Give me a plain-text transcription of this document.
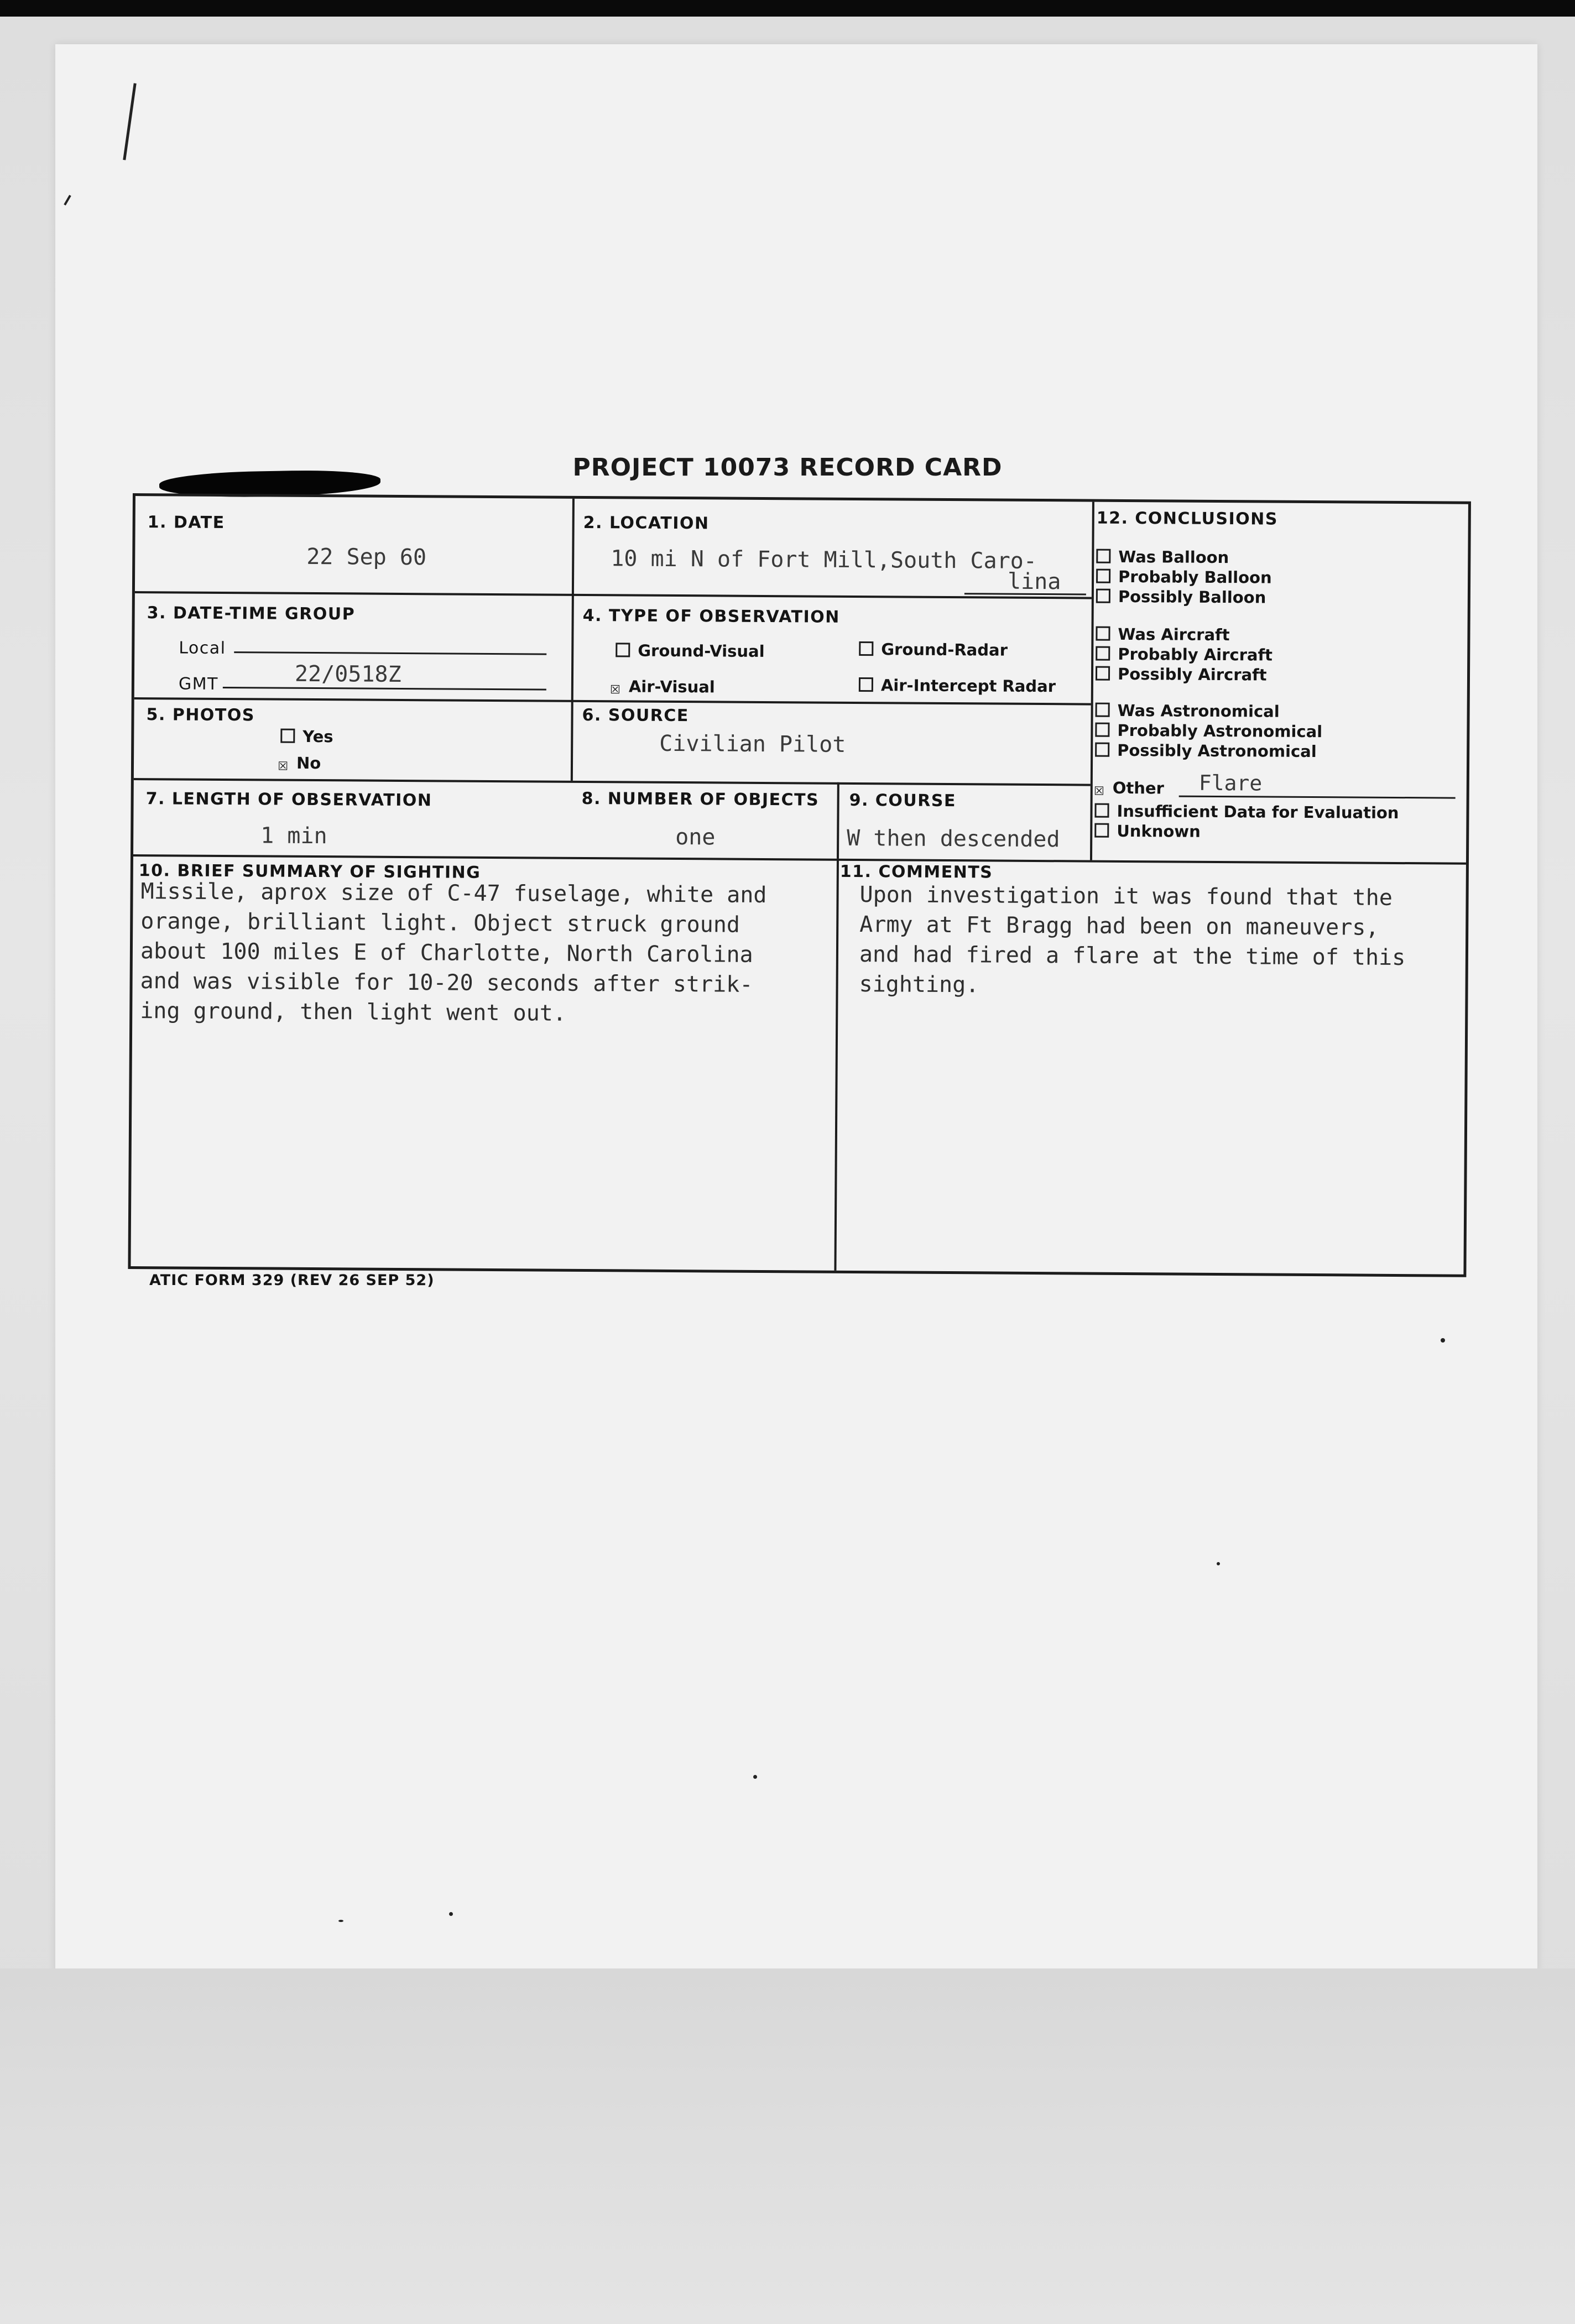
PROJECT 10073 RECORD CARD
1. DATE
22 Sep 60
2. LOCATION
10 mi N of Fort Mill,South Caro-
lina
3. DATE-TIME GROUP
Local
GMT	22/0518Z
4. TYPE OF OBSERVATION
Ground-Visual	Ground-Radar
☒ Air-Visual	Air-Intercept Radar
5. PHOTOS
Yes
☒ No
6. SOURCE
Civilian Pilot
7. LENGTH OF OBSERVATION
1 min
8. NUMBER OF OBJECTS
one
9. COURSE
W then descended
12. CONCLUSIONS
Was Balloon
Probably Balloon
Possibly Balloon
Was Aircraft
Probably Aircraft
Possibly Aircraft
Was Astronomical
Probably Astronomical
Possibly Astronomical
☒ Other Flare
Insufficient Data for Evaluation
Unknown
10. BRIEF SUMMARY OF SIGHTING
Missile, aprox size of C-47 fuselage, white and
orange, brilliant light. Object struck ground
about 100 miles E of Charlotte, North Carolina
and was visible for 10-20 seconds after strik-
ing ground, then light went out.
11. COMMENTS
Upon investigation it was found that the
Army at Ft Bragg had been on maneuvers,
and had fired a flare at the time of this
sighting.
ATIC FORM 329 (REV 26 SEP 52)
